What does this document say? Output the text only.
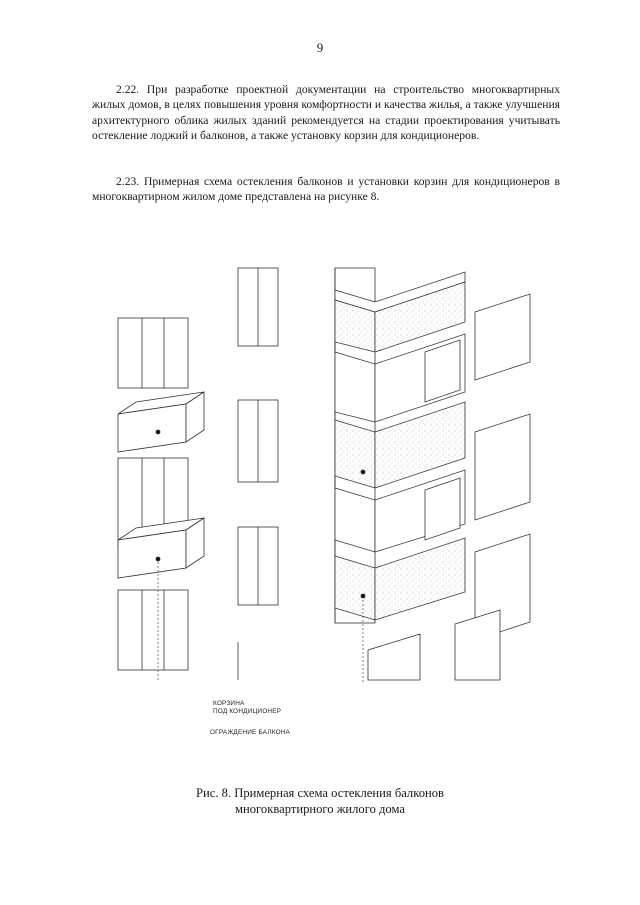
9

2.22. При разработке проектной документации на строительство многоквартирных жилых домов, в целях повышения уровня комфортности и качества жилья, а также улучшения архитектурного облика жилых зданий рекомендуется на стадии проектирования учитывать остекление лоджий и балконов, а также установку корзин для кондиционеров.

2.23. Примерная схема остекления балконов и установки корзин для кондиционеров в многоквартирном жилом доме представлена на рисунке 8.

КОРЗИНА
ПОД КОНДИЦИОНЕР
ОГРАЖДЕНИЕ БАЛКОНА
Рис. 8. Примерная схема остекления балконов
многоквартирного жилого дома
